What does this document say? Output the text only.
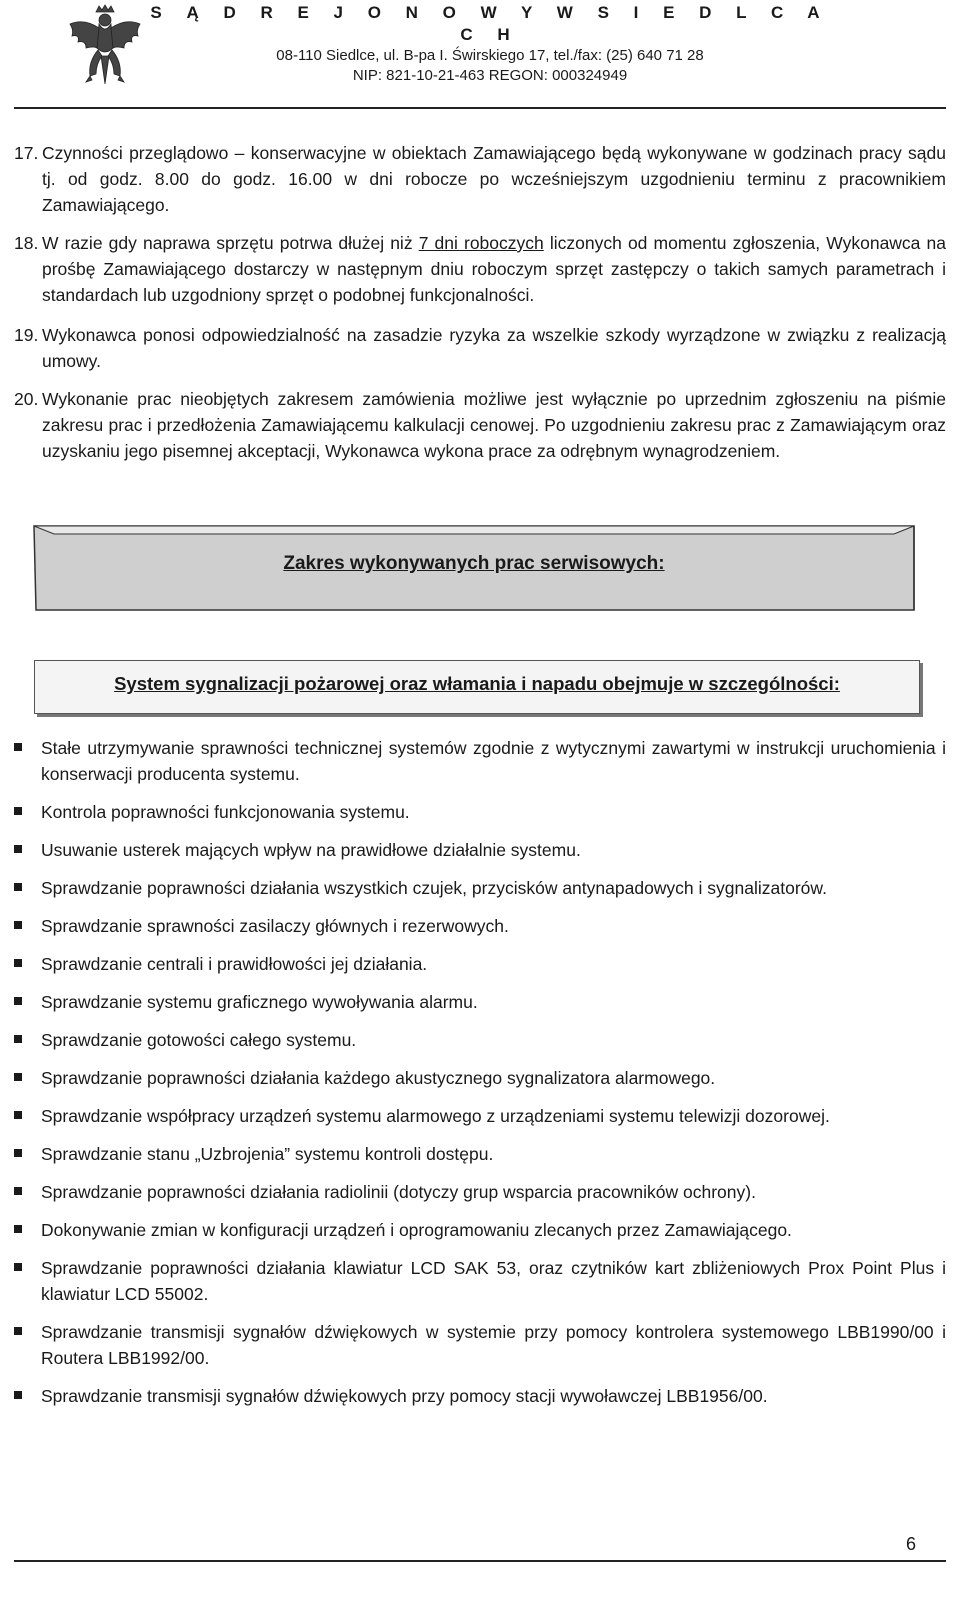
S Ą D R E J O N O W Y W S I E D L C A C H
08-110 Siedlce, ul. B-pa I. Świrskiego 17, tel./fax: (25) 640 71 28
NIP: 821-10-21-463 REGON: 000324949
17. Czynności przeglądowo – konserwacyjne w obiektach Zamawiającego będą wykonywane w godzinach pracy sądu tj. od godz. 8.00 do godz. 16.00 w dni robocze po wcześniejszym uzgodnieniu terminu z pracownikiem Zamawiającego.
18. W razie gdy naprawa sprzętu potrwa dłużej niż 7 dni roboczych liczonych od momentu zgłoszenia, Wykonawca na prośbę Zamawiającego dostarczy w następnym dniu roboczym sprzęt zastępczy o takich samych parametrach i standardach lub uzgodniony sprzęt o podobnej funkcjonalności.
19. Wykonawca ponosi odpowiedzialność na zasadzie ryzyka za wszelkie szkody wyrządzone w związku z realizacją umowy.
20. Wykonanie prac nieobjętych zakresem zamówienia możliwe jest wyłącznie po uprzednim zgłoszeniu na piśmie zakresu prac i przedłożenia Zamawiającemu kalkulacji cenowej. Po uzgodnieniu zakresu prac z Zamawiającym oraz uzyskaniu jego pisemnej akceptacji, Wykonawca wykona prace za odrębnym wynagrodzeniem.
Zakres wykonywanych prac serwisowych:
System sygnalizacji pożarowej oraz włamania i napadu obejmuje w szczególności:
Stałe utrzymywanie sprawności technicznej systemów zgodnie z wytycznymi zawartymi w instrukcji uruchomienia i konserwacji producenta systemu.
Kontrola poprawności funkcjonowania systemu.
Usuwanie usterek mających wpływ na prawidłowe działalnie systemu.
Sprawdzanie poprawności działania wszystkich czujek, przycisków antynapadowych i sygnalizatorów.
Sprawdzanie sprawności zasilaczy głównych i rezerwowych.
Sprawdzanie centrali i prawidłowości jej działania.
Sprawdzanie systemu graficznego wywoływania alarmu.
Sprawdzanie gotowości całego systemu.
Sprawdzanie poprawności działania każdego akustycznego sygnalizatora alarmowego.
Sprawdzanie współpracy urządzeń systemu alarmowego z urządzeniami systemu telewizji dozorowej.
Sprawdzanie stanu „Uzbrojenia” systemu kontroli dostępu.
Sprawdzanie poprawności działania radiolinii (dotyczy grup wsparcia pracowników ochrony).
Dokonywanie zmian w konfiguracji urządzeń i oprogramowaniu zlecanych przez Zamawiającego.
Sprawdzanie poprawności działania klawiatur LCD SAK 53, oraz czytników kart zbliżeniowych Prox Point Plus i klawiatur LCD 55002.
Sprawdzanie transmisji sygnałów dźwiękowych w systemie przy pomocy kontrolera systemowego LBB1990/00 i Routera LBB1992/00.
Sprawdzanie transmisji sygnałów dźwiękowych przy pomocy stacji wywoławczej LBB1956/00.
6
